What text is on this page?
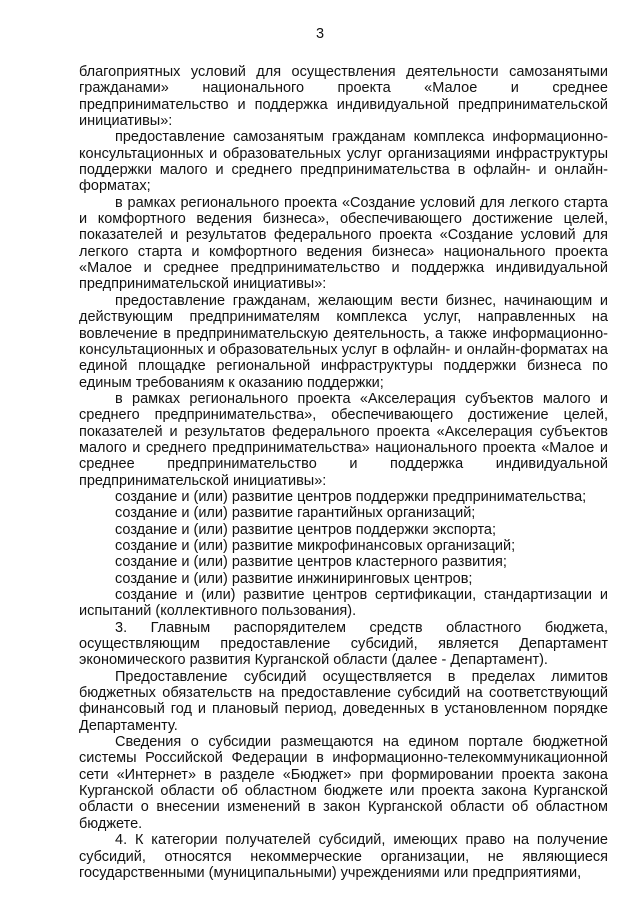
3

благоприятных условий для осуществления деятельности самозанятыми гражданами» национального проекта «Малое и среднее предпринимательство и поддержка индивидуальной предпринимательской инициативы»:

предоставление самозанятым гражданам комплекса информационно-консультационных и образовательных услуг организациями инфраструктуры поддержки малого и среднего предпринимательства в офлайн- и онлайн-форматах;

в рамках регионального проекта «Создание условий для легкого старта и комфортного ведения бизнеса», обеспечивающего достижение целей, показателей и результатов федерального проекта «Создание условий для легкого старта и комфортного ведения бизнеса» национального проекта «Малое и среднее предпринимательство и поддержка индивидуальной предпринимательской инициативы»:

предоставление гражданам, желающим вести бизнес, начинающим и действующим предпринимателям комплекса услуг, направленных на вовлечение в предпринимательскую деятельность, а также информационно-консультационных и образовательных услуг в офлайн- и онлайн-форматах на единой площадке региональной инфраструктуры поддержки бизнеса по единым требованиям к оказанию поддержки;

в рамках регионального проекта «Акселерация субъектов малого и среднего предпринимательства», обеспечивающего достижение целей, показателей и результатов федерального проекта «Акселерация субъектов малого и среднего предпринимательства» национального проекта «Малое и среднее предпринимательство и поддержка индивидуальной предпринимательской инициативы»:

создание и (или) развитие центров поддержки предпринимательства;

создание и (или) развитие гарантийных организаций;

создание и (или) развитие центров поддержки экспорта;

создание и (или) развитие микрофинансовых организаций;

создание и (или) развитие центров кластерного развития;

создание и (или) развитие инжиниринговых центров;

создание и (или) развитие центров сертификации, стандартизации и испытаний (коллективного пользования).

3. Главным распорядителем средств областного бюджета, осуществляющим предоставление субсидий, является Департамент экономического развития Курганской области (далее - Департамент).

Предоставление субсидий осуществляется в пределах лимитов бюджетных обязательств на предоставление субсидий на соответствующий финансовый год и плановый период, доведенных в установленном порядке Департаменту.

Сведения о субсидии размещаются на едином портале бюджетной системы Российской Федерации в информационно-телекоммуникационной сети «Интернет» в разделе «Бюджет» при формировании проекта закона Курганской области об областном бюджете или проекта закона Курганской области о внесении изменений в закон Курганской области об областном бюджете.

4. К категории получателей субсидий, имеющих право на получение субсидий, относятся некоммерческие организации, не являющиеся государственными (муниципальными) учреждениями или предприятиями,
